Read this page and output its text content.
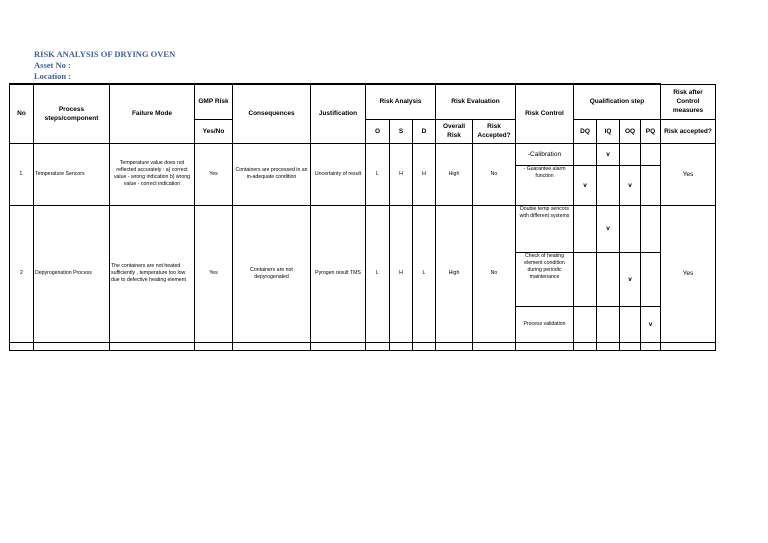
RISK ANALYSIS OF DRYING OVEN
Asset No :
Location :
No	Process steps/component	Failure Mode	GMP Risk	Consequences	Justification	Risk Analysis			Risk Evaluation		Risk Control	Qualification step				Risk after Control measures

			Yes/No			O	S	D	Overall Risk	Risk Accepted?		DQ	IQ	OQ	PQ	Risk accepted?
1.	Temperature Sencors	Temperature value does not reflected accurately : a) correct value - wrong indication b) wrong value - correct indication	Yes	Containers are processed in an in-adequate condition	Uncertainty of result	L	H	H	High	No	-Calibration		v			Yes
											- Guarantee alarm function	v		v		
2	Depyrogenation Process	The containers are not heated sufficiently , temperature too low due to defective heating element	Yes	Containers are not depyrogenated	Pyrogen result TMS	L	H	L	High	No	Double temp sencors with different systems		v			Yes
											Check of heating element condition during periodic maintenance			v		
											Process validation				v	
